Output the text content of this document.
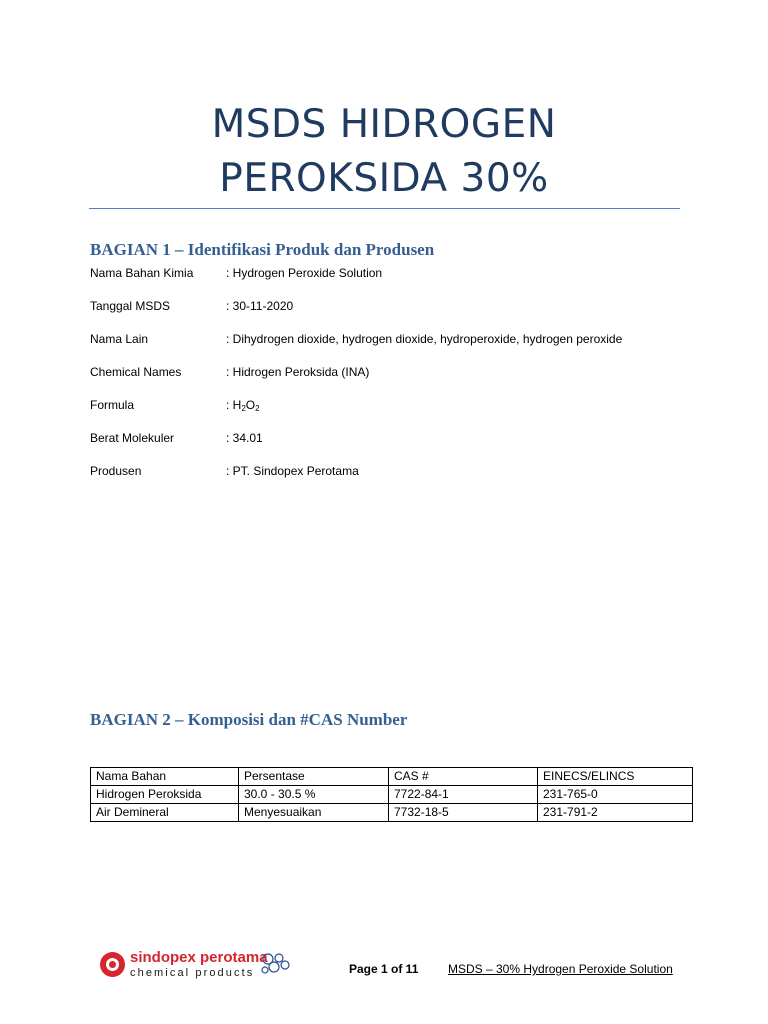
MSDS HIDROGEN
PEROKSIDA 30%
BAGIAN 1 – Identifikasi Produk dan Produsen
Nama Bahan Kimia	: Hydrogen Peroxide Solution
Tanggal MSDS	: 30-11-2020
Nama Lain	: Dihydrogen dioxide, hydrogen dioxide, hydroperoxide, hydrogen peroxide
Chemical Names	: Hidrogen Peroksida (INA)
Formula	: $H_2O_2$
Berat Molekuler	: 34.01
Produsen	: PT. Sindopex Perotama
BAGIAN 2 – Komposisi dan #CAS Number
Nama Bahan	Persentase	CAS #	EINECS/ELINCS
Hidrogen Peroksida	30.0 - 30.5 %	7722-84-1	231-765-0
Air Demineral	Menyesuaikan	7732-18-5	231-791-2
sindopex perotama
chemical products	Page 1 of 11 MSDS – 30% Hydrogen Peroxide Solution
